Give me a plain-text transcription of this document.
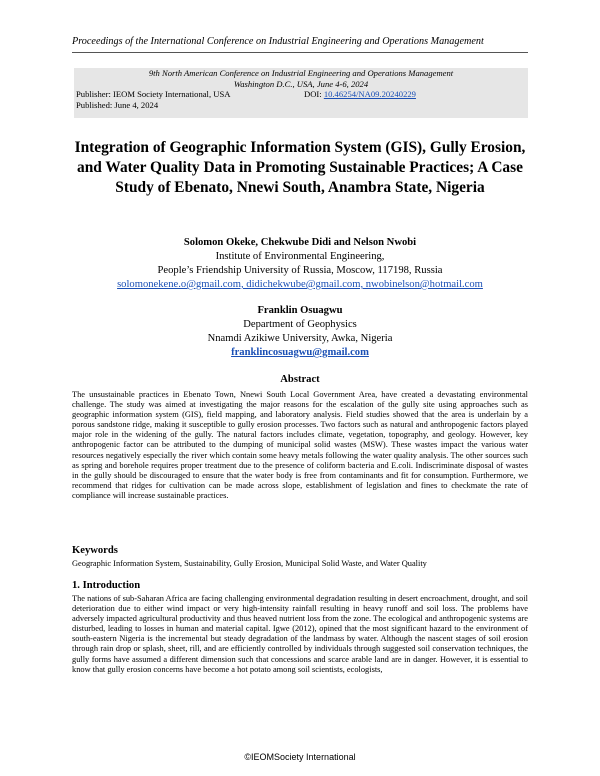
Proceedings of the International Conference on Industrial Engineering and Operations Management
9th North American Conference on Industrial Engineering and Operations Management
Washington D.C., USA, June 4-6, 2024
Publisher: IEOM Society International, USA	DOI: 10.46254/NA09.20240229
Published: June 4, 2024
Integration of Geographic Information System (GIS), Gully Erosion, and Water Quality Data in Promoting Sustainable Practices; A Case Study of Ebenato, Nnewi South, Anambra State, Nigeria
Solomon Okeke, Chekwube Didi and Nelson Nwobi
Institute of Environmental Engineering,
People’s Friendship University of Russia, Moscow, 117198, Russia
solomonekene.o@gmail.com, didichekwube@gmail.com, nwobinelson@hotmail.com
Franklin Osuagwu
Department of Geophysics
Nnamdi Azikiwe University, Awka, Nigeria
franklincosuagwu@gmail.com
Abstract
The unsustainable practices in Ebenato Town, Nnewi South Local Government Area, have created a devastating environmental challenge. The study was aimed at investigating the major reasons for the escalation of the gully site using approaches such as geographic information system (GIS), field mapping, and laboratory analysis. Field studies showed that the area is underlain by a porous sandstone ridge, making it susceptible to gully erosion processes. Two factors such as natural and anthropogenic factors played major role in the widening of the gully. The natural factors includes climate, vegetation, topography, and geology. However, key anthropogenic factor can be attributed to the dumping of municipal solid wastes (MSW). These wastes impact the various water resources negatively especially the river which contain some heavy metals following the water quality analysis. The other sources such as spring and borehole requires proper treatment due to the presence of coliform bacteria and E.coli. Indiscriminate disposal of wastes in the gully should be discouraged to ensure that the water body is free from contaminants and fit for consumption. Furthermore, we recommend that ridges for cultivation can be made across slope, establishment of legislation and fines to checkmate the rate of compliance will increase sustainable practices.
Keywords
Geographic Information System, Sustainability, Gully Erosion, Municipal Solid Waste, and Water Quality
1. Introduction
The nations of sub-Saharan Africa are facing challenging environmental degradation resulting in desert encroachment, drought, and soil deterioration due to either wind impact or very high-intensity rainfall resulting in heavy runoff and soil loss. The problems have adversely impacted agricultural productivity and thus heaved nutrient loss from the zone. The ecological and anthropogenic systems are disturbed, leading to losses in human and material capital. Igwe (2012), opined that the most significant hazard to the environment of south-eastern Nigeria is the incremental but steady degradation of the landmass by water. Although the nascent stages of soil erosion through rain drop or splash, sheet, rill, and are efficiently controlled by individuals through suggested soil conservation techniques, the gully forms have assumed a different dimension such that concessions and scarce arable land are in danger. However, it is essential to know that gully erosion concerns have become a hot potato among soil scientists, ecologists,
©IEOMSociety International
